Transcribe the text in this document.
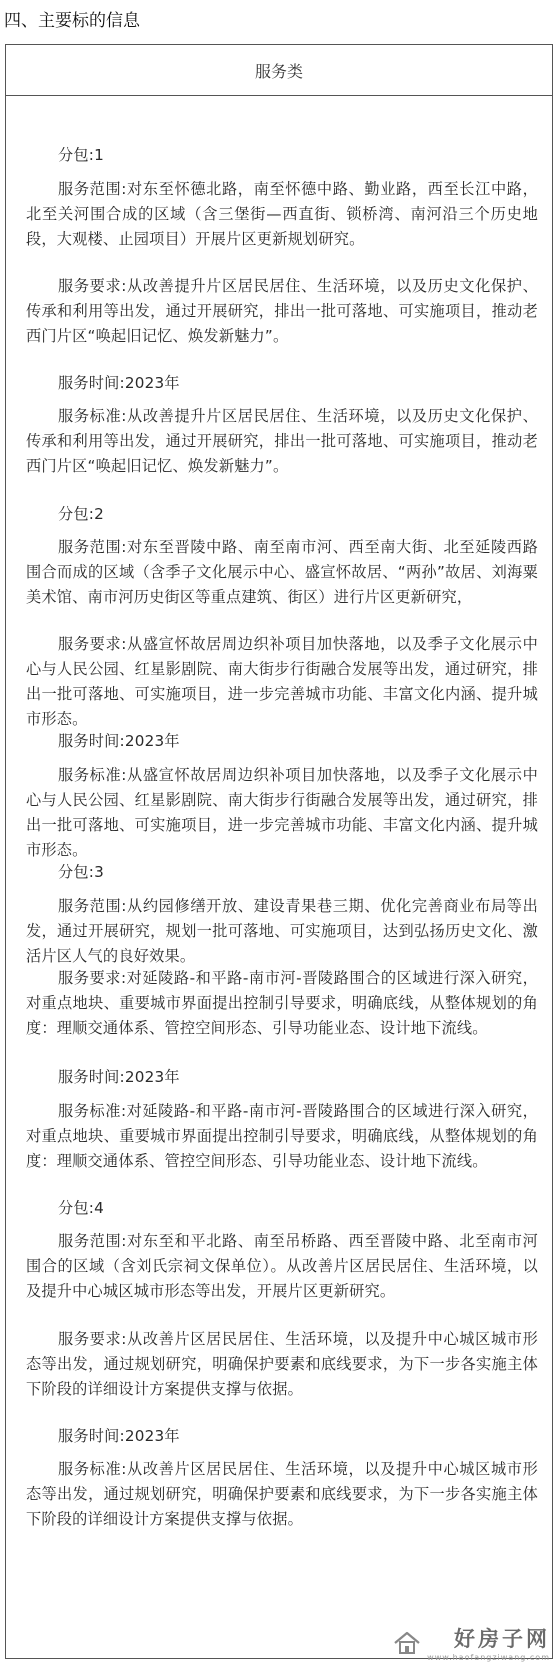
四、主要标的信息
服务类
分包:1
服务范围:对东至怀德北路，南至怀德中路、勤业路，西至长江中路，北至关河围合成的区域（含三堡街—西直街、锁桥湾、南河沿三个历史地段，大观楼、止园项目）开展片区更新规划研究。
服务要求:从改善提升片区居民居住、生活环境，以及历史文化保护、传承和利用等出发，通过开展研究，排出一批可落地、可实施项目，推动老西门片区“唤起旧记忆、焕发新魅力”。
服务时间:2023年
服务标准:从改善提升片区居民居住、生活环境，以及历史文化保护、传承和利用等出发，通过开展研究，排出一批可落地、可实施项目，推动老西门片区“唤起旧记忆、焕发新魅力”。
分包:2
服务范围:对东至晋陵中路、南至南市河、西至南大街、北至延陵西路围合而成的区域（含季子文化展示中心、盛宣怀故居、“两孙”故居、刘海粟美术馆、南市河历史街区等重点建筑、街区）进行片区更新研究，
服务要求:从盛宣怀故居周边织补项目加快落地，以及季子文化展示中心与人民公园、红星影剧院、南大街步行街融合发展等出发，通过研究，排出一批可落地、可实施项目，进一步完善城市功能、丰富文化内涵、提升城市形态。
服务时间:2023年
服务标准:从盛宣怀故居周边织补项目加快落地，以及季子文化展示中心与人民公园、红星影剧院、南大街步行街融合发展等出发，通过研究，排出一批可落地、可实施项目，进一步完善城市功能、丰富文化内涵、提升城市形态。
分包:3
服务范围:从约园修缮开放、建设青果巷三期、优化完善商业布局等出发，通过开展研究，规划一批可落地、可实施项目，达到弘扬历史文化、激活片区人气的良好效果。
服务要求:对延陵路-和平路-南市河-晋陵路围合的区域进行深入研究，对重点地块、重要城市界面提出控制引导要求，明确底线，从整体规划的角度：理顺交通体系、管控空间形态、引导功能业态、设计地下流线。
服务时间:2023年
服务标准:对延陵路-和平路-南市河-晋陵路围合的区域进行深入研究，对重点地块、重要城市界面提出控制引导要求，明确底线，从整体规划的角度：理顺交通体系、管控空间形态、引导功能业态、设计地下流线。
分包:4
服务范围:对东至和平北路、南至吊桥路、西至晋陵中路、北至南市河围合的区域（含刘氏宗祠文保单位）。从改善片区居民居住、生活环境，以及提升中心城区城市形态等出发，开展片区更新研究。
服务要求:从改善片区居民居住、生活环境，以及提升中心城区城市形态等出发，通过规划研究，明确保护要素和底线要求，为下一步各实施主体下阶段的详细设计方案提供支撑与依据。
服务时间:2023年
服务标准:从改善片区居民居住、生活环境，以及提升中心城区城市形态等出发，通过规划研究，明确保护要素和底线要求，为下一步各实施主体下阶段的详细设计方案提供支撑与依据。
好房子网
www.haofangziwang.com
